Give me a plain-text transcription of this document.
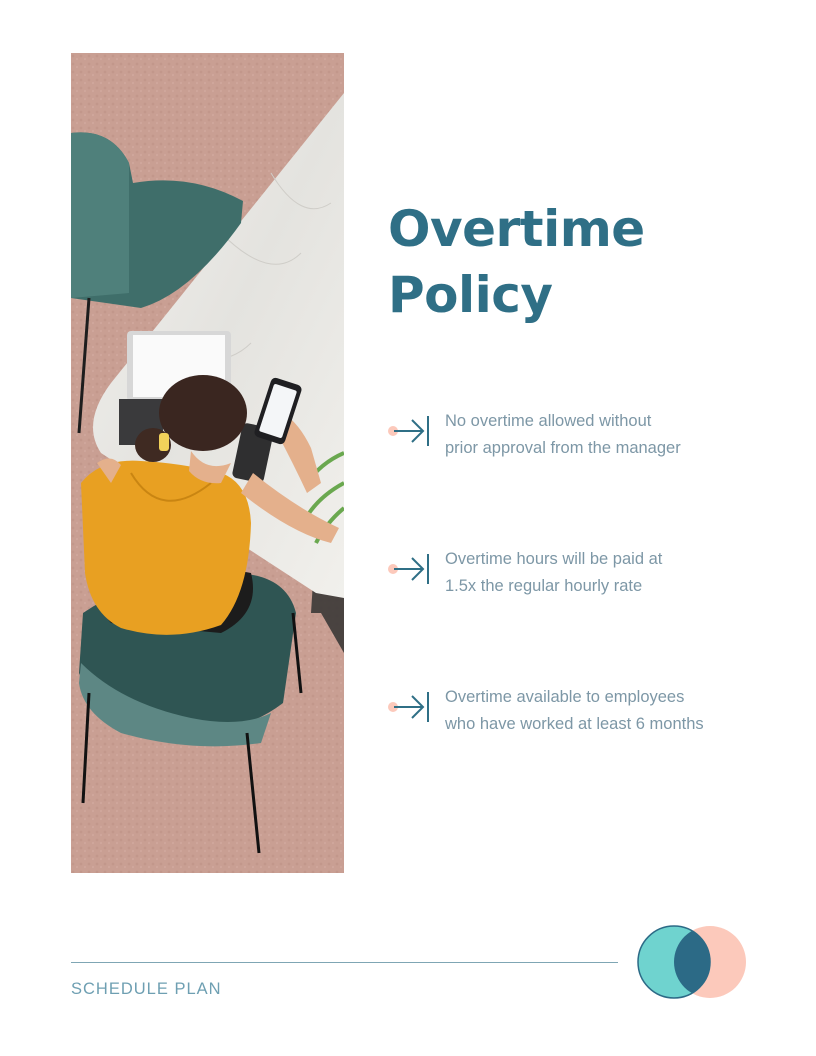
Overtime
Policy
No overtime allowed without
prior approval from the manager
Overtime hours will be paid at
1.5x the regular hourly rate
Overtime available to employees
who have worked at least 6 months
SCHEDULE PLAN
